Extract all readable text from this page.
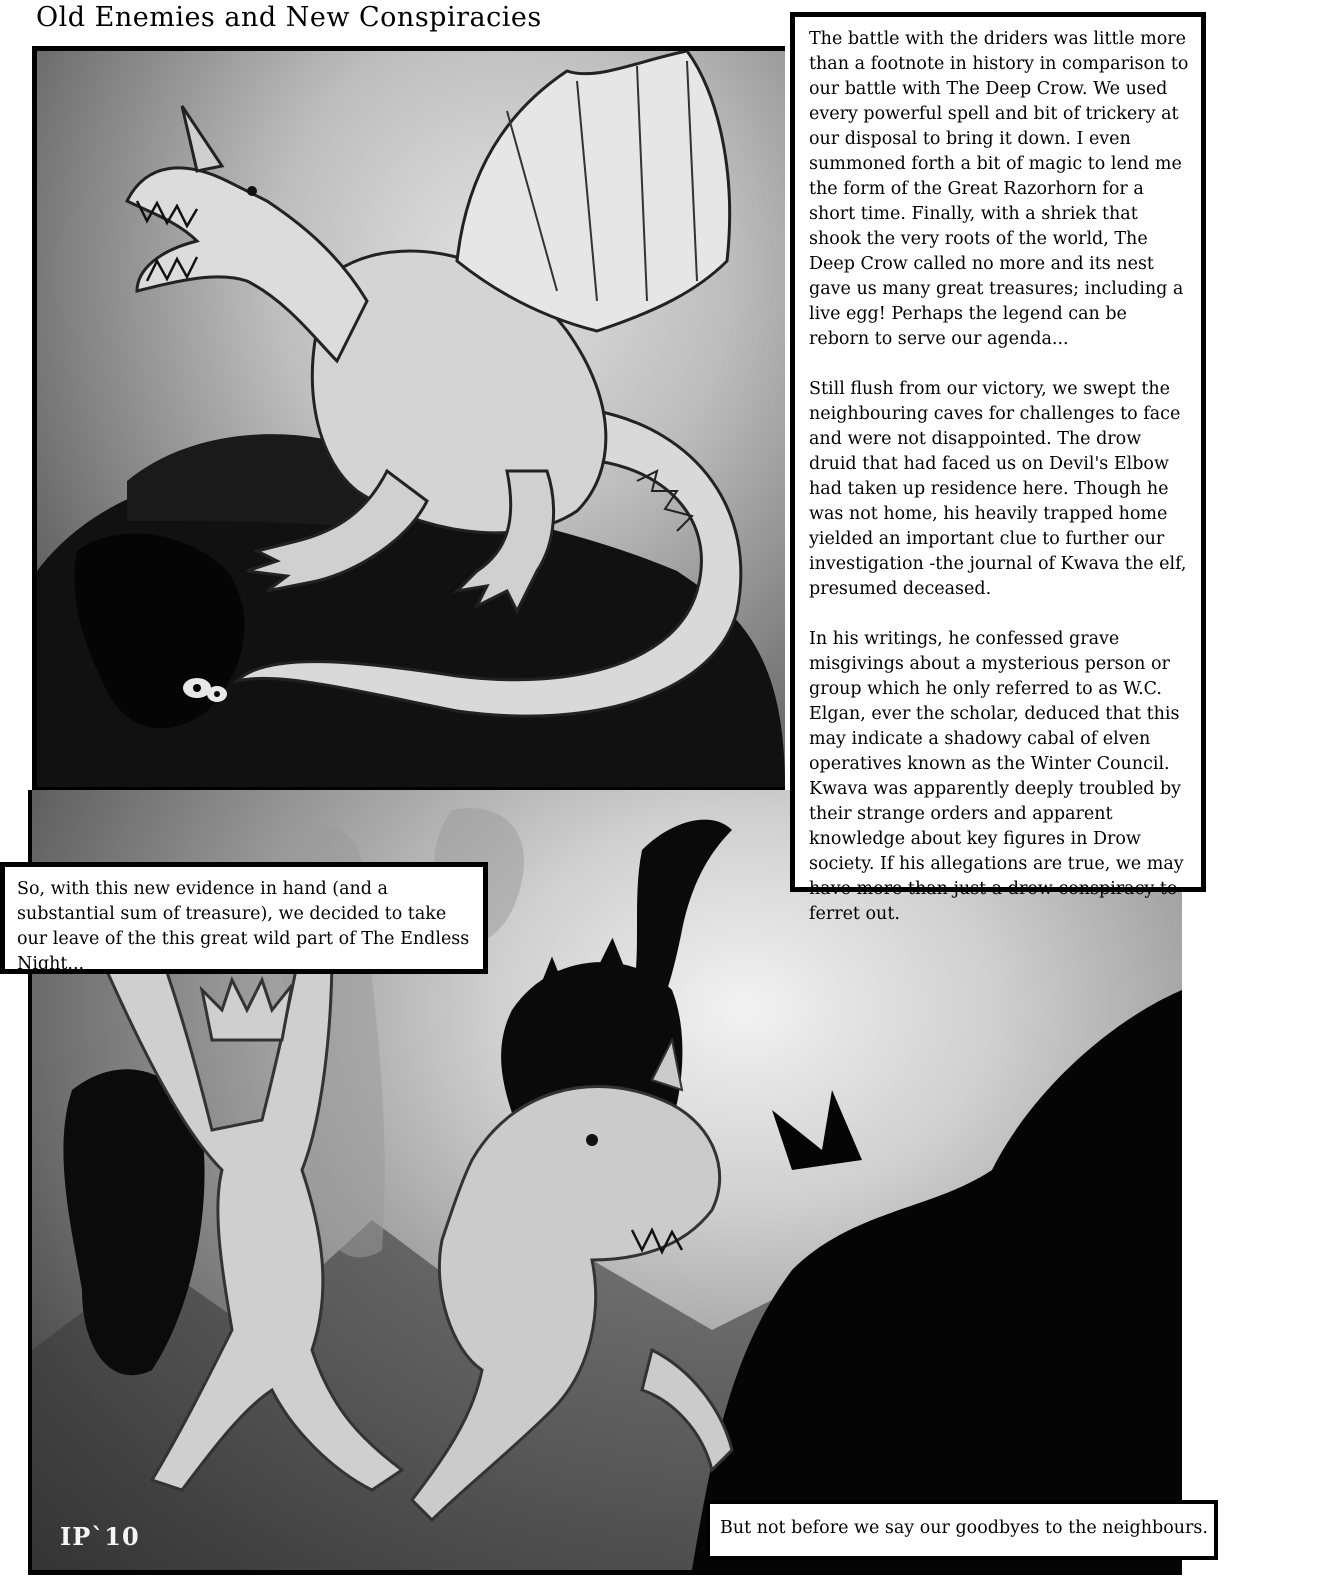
Old Enemies and New Conspiracies

The battle with the driders was little more than a footnote in history in comparison to our battle with The Deep Crow. We used every powerful spell and bit of trickery at our disposal to bring it down. I even summoned forth a bit of magic to lend me the form of the Great Razorhorn for a short time. Finally, with a shriek that shook the very roots of the world, The Deep Crow called no more and its nest gave us many great treasures; including a live egg! Perhaps the legend can be reborn to serve our agenda...

Still flush from our victory, we swept the neighbouring caves for challenges to face and were not disappointed. The drow druid that had faced us on Devil's Elbow had taken up residence here. Though he was not home, his heavily trapped home yielded an important clue to further our investigation -the journal of Kwava the elf, presumed deceased.

In his writings, he confessed grave misgivings about a mysterious person or group which he only referred to as W.C. Elgan, ever the scholar, deduced that this may indicate a shadowy cabal of elven operatives known as the Winter Council. Kwava was apparently deeply troubled by their strange orders and apparent knowledge about key figures in Drow society. If his allegations are true, we may have more than just a drow conspiracy to ferret out.

So, with this new evidence in hand (and a substantial sum of treasure), we decided to take our leave of the this great wild part of The Endless Night...
But not before we say our goodbyes to the neighbours.
IP`10
